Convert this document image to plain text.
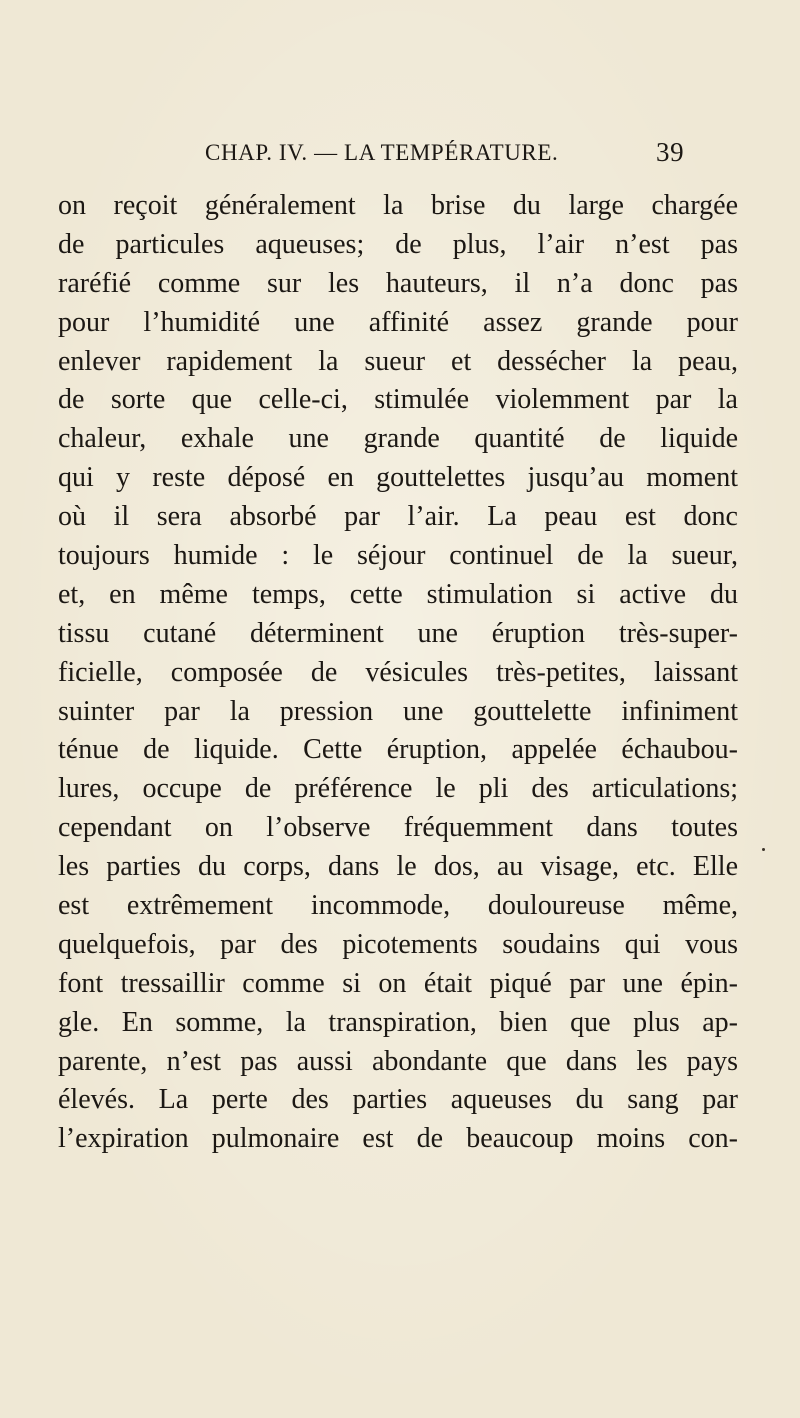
CHAP. IV. — LA TEMPÉRATURE.	39
on reçoit généralement la brise du large chargée
de particules aqueuses; de plus, l’air n’est pas
raréfié comme sur les hauteurs, il n’a donc pas
pour l’humidité une affinité assez grande pour
enlever rapidement la sueur et dessécher la peau,
de sorte que celle-ci, stimulée violemment par la
chaleur, exhale une grande quantité de liquide
qui y reste déposé en gouttelettes jusqu’au moment
où il sera absorbé par l’air. La peau est donc
toujours humide : le séjour continuel de la sueur,
et, en même temps, cette stimulation si active du
tissu cutané déterminent une éruption très-super-
ficielle, composée de vésicules très-petites, laissant
suinter par la pression une gouttelette infiniment
ténue de liquide. Cette éruption, appelée échaubou-
lures, occupe de préférence le pli des articulations;
cependant on l’observe fréquemment dans toutes
les parties du corps, dans le dos, au visage, etc. Elle
est extrêmement incommode, douloureuse même,
quelquefois, par des picotements soudains qui vous
font tressaillir comme si on était piqué par une épin-
gle. En somme, la transpiration, bien que plus ap-
parente, n’est pas aussi abondante que dans les pays
élevés. La perte des parties aqueuses du sang par
l’expiration pulmonaire est de beaucoup moins con-
